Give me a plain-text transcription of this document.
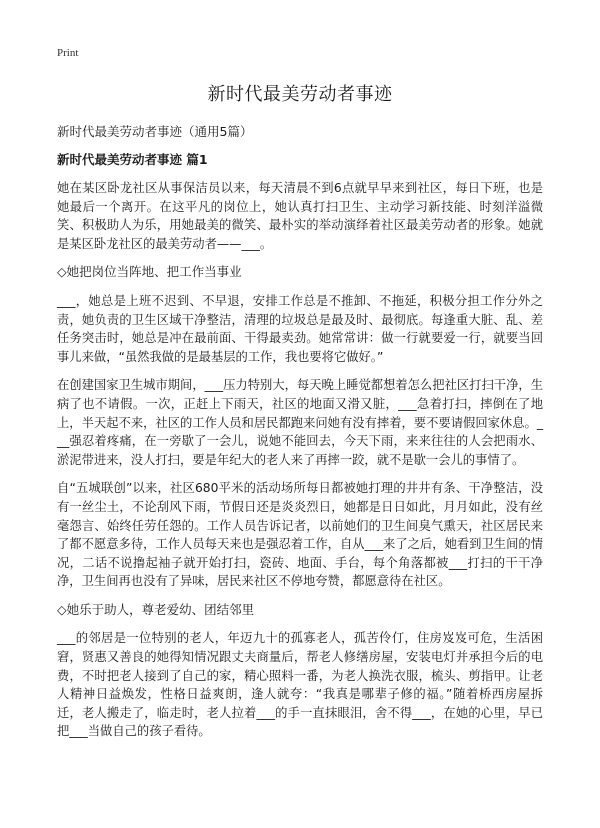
Print
新时代最美劳动者事迹

新时代最美劳动者事迹（通用5篇）

新时代最美劳动者事迹 篇1

她在某区卧龙社区从事保洁员以来，每天清晨不到6点就早早来到社区，每日下班，也是她最后一个离开。在这平凡的岗位上，她认真打扫卫生、主动学习新技能、时刻洋溢微笑、积极助人为乐，用她最美的微笑、最朴实的举动演绎着社区最美劳动者的形象。她就是某区卧龙社区的最美劳动者——___。

◇她把岗位当阵地、把工作当事业

___，她总是上班不迟到、不早退，安排工作总是不推卸、不拖延，积极分担工作分外之责，她负责的卫生区域干净整洁，清理的垃圾总是最及时、最彻底。每逢重大脏、乱、差任务突击时，她总是冲在最前面、干得最卖劲。她常常讲：做一行就要爱一行，就要当回事儿来做，“虽然我做的是最基层的工作，我也要将它做好。”

在创建国家卫生城市期间，___压力特别大，每天晚上睡觉都想着怎么把社区打扫干净，生病了也不请假。一次，正赶上下雨天，社区的地面又滑又脏，___急着打扫，摔倒在了地上，半天起不来，社区的工作人员和居民都跑来问她有没有摔着，要不要请假回家休息。___强忍着疼痛，在一旁歇了一会儿，说她不能回去，今天下雨，来来往往的人会把雨水、淤泥带进来，没人打扫，要是年纪大的老人来了再摔一跤，就不是歇一会儿的事情了。

自“五城联创”以来，社区680平米的活动场所每日都被她打理的井井有条、干净整洁，没有一丝尘土，不论刮风下雨，节假日还是炎炎烈日，她都是日日如此，月月如此，没有丝毫怨言、始终任劳任怨的。工作人员告诉记者，以前她们的卫生间臭气熏天，社区居民来了都不愿意多待，工作人员每天来也是强忍着工作，自从___来了之后，她看到卫生间的情况，二话不说撸起袖子就开始打扫，瓷砖、地面、手台，每个角落都被___打扫的干干净净，卫生间再也没有了异味，居民来社区不停地夸赞，都愿意待在社区。

◇她乐于助人，尊老爱幼、团结邻里

___的邻居是一位特别的老人，年迈九十的孤寡老人，孤苦伶仃，住房岌岌可危，生活困窘，贤惠又善良的她得知情况跟丈夫商量后，帮老人修缮房屋，安装电灯并承担今后的电费，不时把老人接到了自己的家，精心照料一番，为老人换洗衣服，梳头、剪指甲。让老人精神日益焕发，性格日益爽朗，逢人就夸：“我真是哪辈子修的福。”随着桥西房屋拆迁，老人搬走了，临走时，老人拉着___的手一直抹眼泪，舍不得___，在她的心里，早已把___当做自己的孩子看待。
